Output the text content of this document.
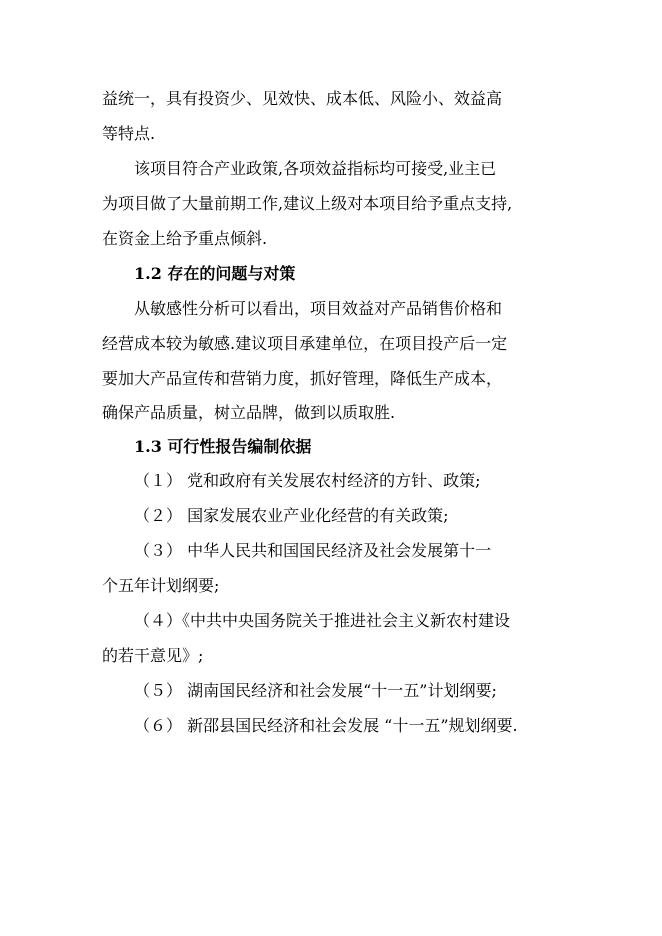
益统一，具有投资少、见效快、成本低、风险小、效益高
等特点.
该项目符合产业政策,各项效益指标均可接受,业主已
为项目做了大量前期工作,建议上级对本项目给予重点支持,
在资金上给予重点倾斜.
1.2 存在的问题与对策
从敏感性分析可以看出，项目效益对产品销售价格和
经营成本较为敏感.建议项目承建单位，在项目投产后一定
要加大产品宣传和营销力度，抓好管理，降低生产成本，
确保产品质量，树立品牌，做到以质取胜.
1.3 可行性报告编制依据
（１） 党和政府有关发展农村经济的方针、政策;
（２） 国家发展农业产业化经营的有关政策;
（３） 中华人民共和国国民经济及社会发展第十一
个五年计划纲要;
（４）《中共中央国务院关于推进社会主义新农村建设
的若干意见》;
（５） 湖南国民经济和社会发展“十一五”计划纲要;
（６） 新邵县国民经济和社会发展 “十一五”规划纲要.
